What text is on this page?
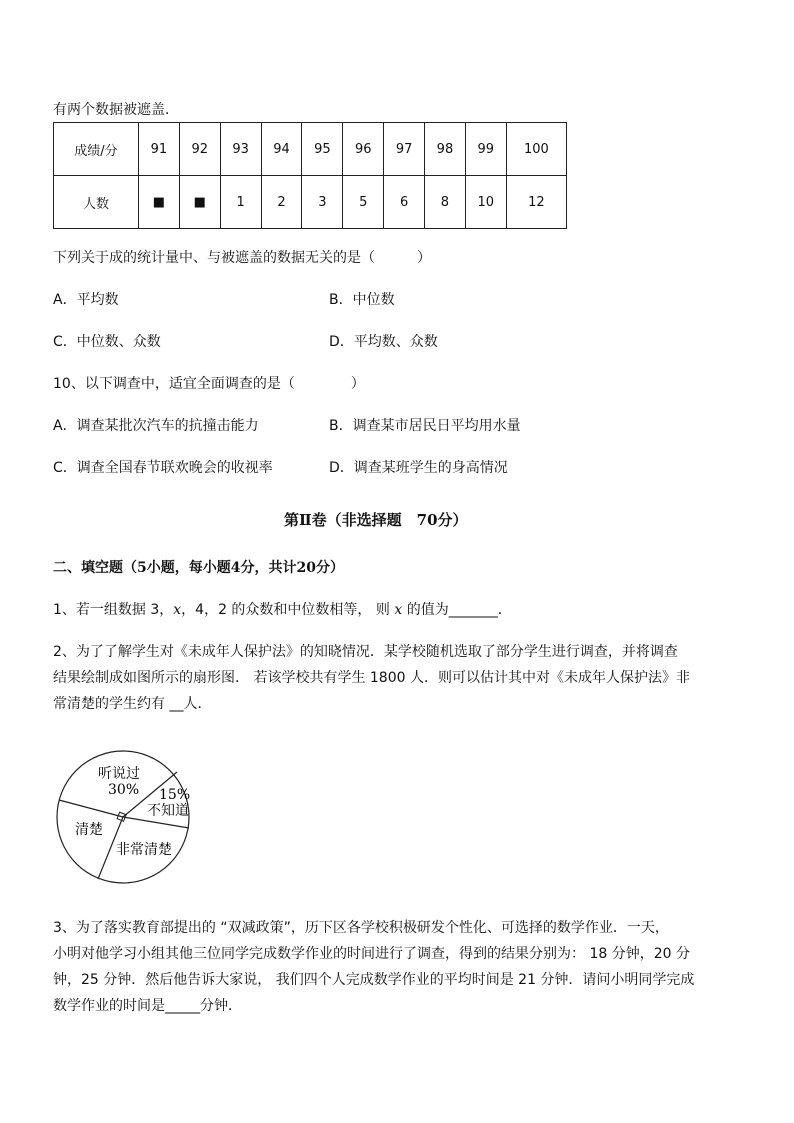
有两个数据被遮盖．
成绩/分	91	92	93	94	95	96	97	98	99	100
人数	■	■	1	2	3	5	6	8	10	12
下列关于成的统计量中、与被遮盖的数据无关的是（　　　）
A．平均数	B．中位数
C．中位数、众数	D．平均数、众数
10、以下调查中，适宜全面调查的是（　　　　）
A．调查某批次汽车的抗撞击能力	B．调查某市居民日平均用水量
C．调查全国春节联欢晚会的收视率	D．调查某班学生的身高情况
第Ⅱ卷（非选择题　70分）
二、填空题（5小题，每小题4分，共计20分）
1、若一组数据 3，x，4，2 的众数和中位数相等， 则 x 的值为_______．
2、为了了解学生对《未成年人保护法》的知晓情况．某学校随机选取了部分学生进行调查，并将调查
结果绘制成如图所示的扇形图． 若该学校共有学生 1800 人．则可以估计其中对《未成年人保护法》非
常清楚的学生约有 __人．
听说过
30% 15%
不知道
清楚
非常清楚
3、为了落实教育部提出的 “双减政策”，历下区各学校积极研发个性化、可选择的数学作业．一天，
小明对他学习小组其他三位同学完成数学作业的时间进行了调查，得到的结果分别为： 18 分钟，20 分
钟，25 分钟．然后他告诉大家说， 我们四个人完成数学作业的平均时间是 21 分钟．请问小明同学完成
数学作业的时间是_____分钟．
